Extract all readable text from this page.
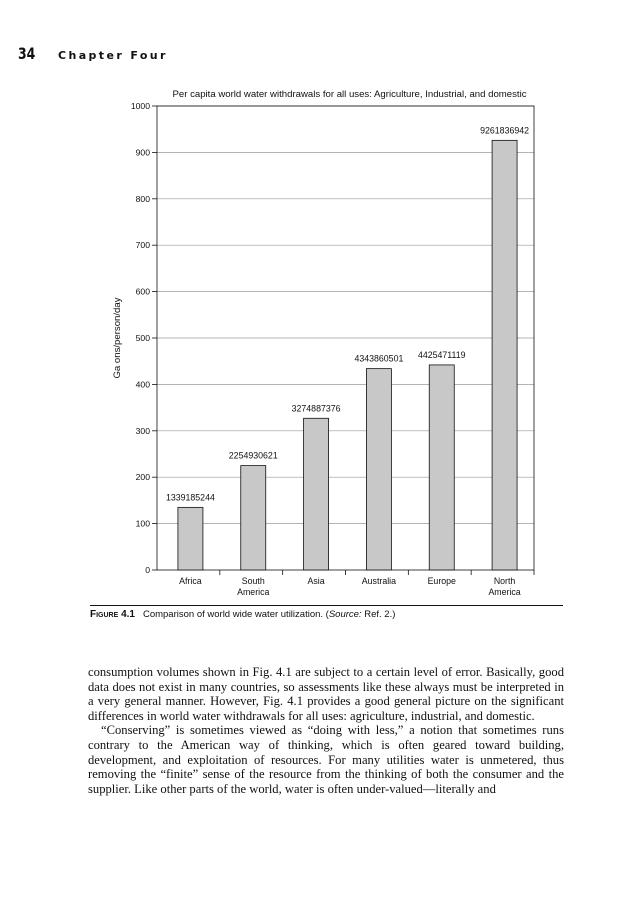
34	Chapter Four
Per capita world water withdrawals for all uses: Agriculture, Industrial, and domestic
0
100
200
300
400
500
600
700
800
900
1000
Ga ons/person/day
1339185244
Africa
2254930621
South
America
3274887376
Asia
4343860501
Australia
4425471119
Europe
9261836942
North
America
Figure 4.1 Comparison of world wide water utilization. (Source: Ref. 2.)

consumption volumes shown in Fig. 4.1 are subject to a certain level of error. Basically, good data does not exist in many countries, so assessments like these always must be interpreted in a very general manner. However, Fig. 4.1 provides a good general picture on the significant differences in world water withdrawals for all uses: agriculture, industrial, and domestic.

“Conserving” is sometimes viewed as “doing with less,” a notion that sometimes runs contrary to the American way of thinking, which is often geared toward building, development, and exploitation of resources. For many utilities water is unmetered, thus removing the “finite” sense of the resource from the thinking of both the consumer and the supplier. Like other parts of the world, water is often under-valued—literally and
